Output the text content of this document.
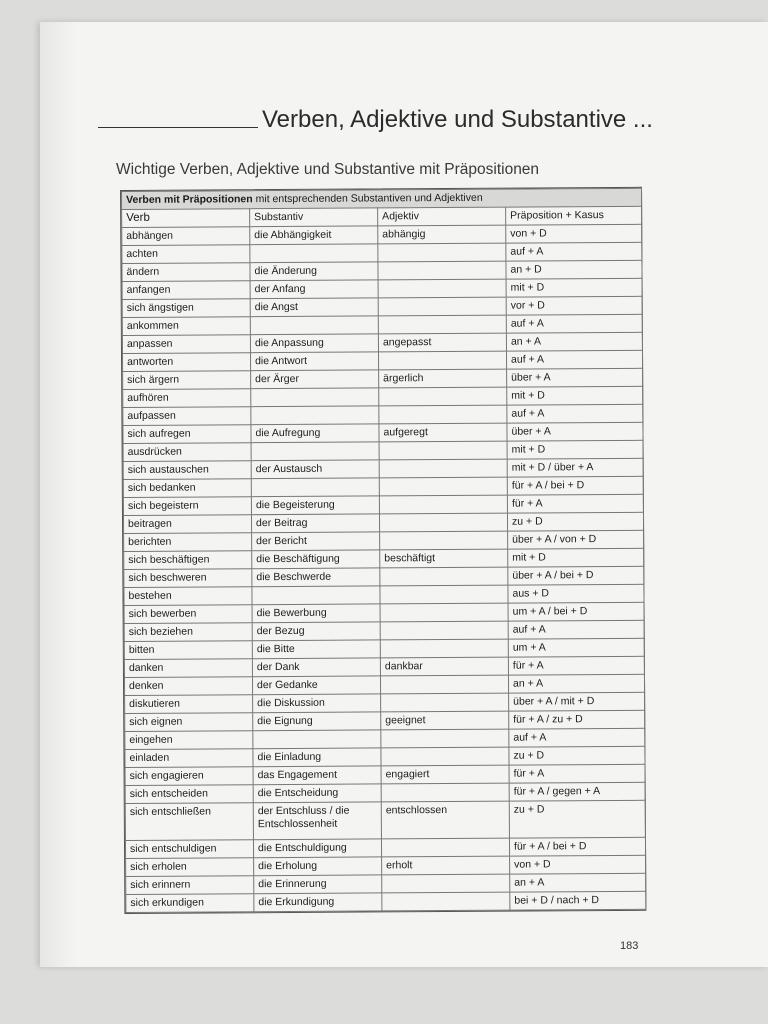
Verben, Adjektive und Substantive ...
Wichtige Verben, Adjektive und Substantive mit Präpositionen
Verben mit Präpositionen mit entsprechenden Substantiven und Adjektiven			
Verb	Substantiv	Adjektiv	Präposition + Kasus
abhängen	die Abhängigkeit	abhängig	von + D
achten			auf + A
ändern	die Änderung		an + D
anfangen	der Anfang		mit + D
sich ängstigen	die Angst		vor + D
ankommen			auf + A
anpassen	die Anpassung	angepasst	an + A
antworten	die Antwort		auf + A
sich ärgern	der Ärger	ärgerlich	über + A
aufhören			mit + D
aufpassen			auf + A
sich aufregen	die Aufregung	aufgeregt	über + A
ausdrücken			mit + D
sich austauschen	der Austausch		mit + D / über + A
sich bedanken			für + A / bei + D
sich begeistern	die Begeisterung		für + A
beitragen	der Beitrag		zu + D
berichten	der Bericht		über + A / von + D
sich beschäftigen	die Beschäftigung	beschäftigt	mit + D
sich beschweren	die Beschwerde		über + A / bei + D
bestehen			aus + D
sich bewerben	die Bewerbung		um + A / bei + D
sich beziehen	der Bezug		auf + A
bitten	die Bitte		um + A
danken	der Dank	dankbar	für + A
denken	der Gedanke		an + A
diskutieren	die Diskussion		über + A / mit + D
sich eignen	die Eignung	geeignet	für + A / zu + D
eingehen			auf + A
einladen	die Einladung		zu + D
sich engagieren	das Engagement	engagiert	für + A
sich entscheiden	die Entscheidung		für + A / gegen + A
sich entschließen	der Entschluss / die Entschlossenheit	entschlossen	zu + D
sich entschuldigen	die Entschuldigung		für + A / bei + D
sich erholen	die Erholung	erholt	von + D
sich erinnern	die Erinnerung		an + A
sich erkundigen	die Erkundigung		bei + D / nach + D
183
